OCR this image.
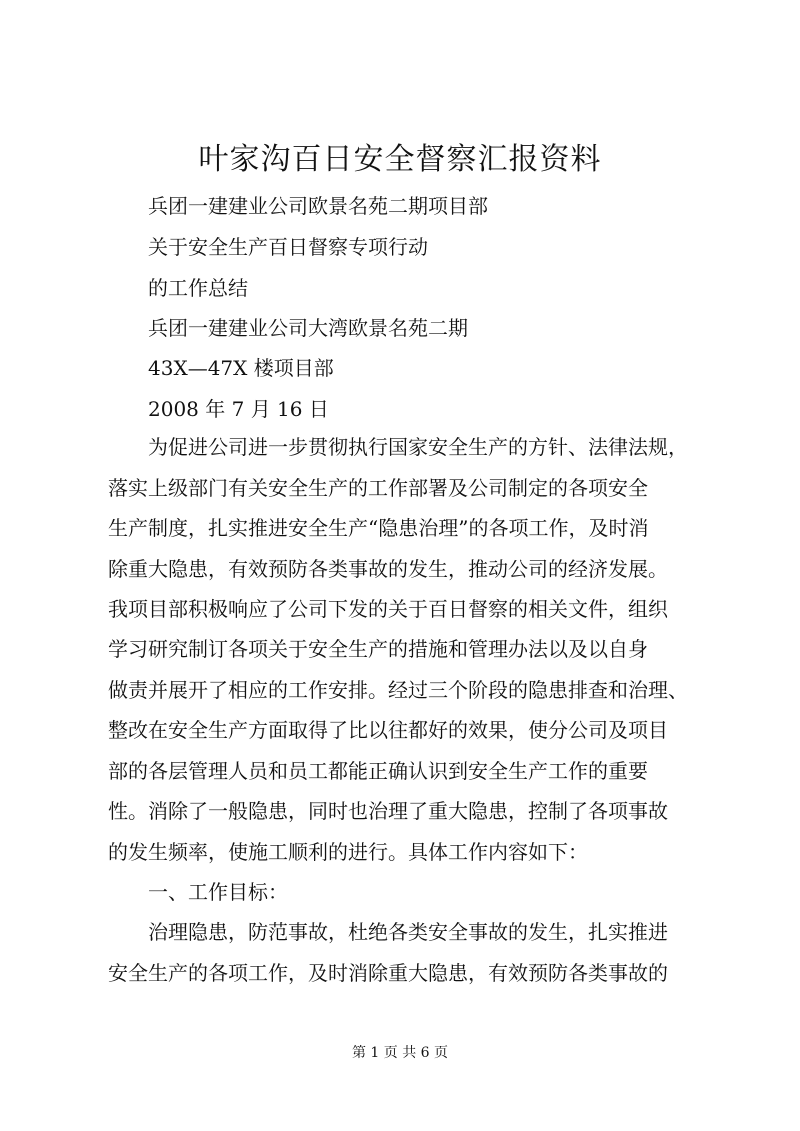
叶家沟百日安全督察汇报资料

兵团一建建业公司欧景名苑二期项目部

关于安全生产百日督察专项行动

的工作总结

兵团一建建业公司大湾欧景名苑二期

43X—47X 楼项目部

2008 年 7 月 16 日

为促进公司进一步贯彻执行国家安全生产的方针、法律法规，

落实上级部门有关安全生产的工作部署及公司制定的各项安全

生产制度，扎实推进安全生产“隐患治理”的各项工作，及时消

除重大隐患，有效预防各类事故的发生，推动公司的经济发展。

我项目部积极响应了公司下发的关于百日督察的相关文件，组织

学习研究制订各项关于安全生产的措施和管理办法以及以自身

做责并展开了相应的工作安排。经过三个阶段的隐患排查和治理、

整改在安全生产方面取得了比以往都好的效果，使分公司及项目

部的各层管理人员和员工都能正确认识到安全生产工作的重要

性。消除了一般隐患，同时也治理了重大隐患，控制了各项事故

的发生频率，使施工顺利的进行。具体工作内容如下：

一、工作目标：

治理隐患，防范事故，杜绝各类安全事故的发生，扎实推进

安全生产的各项工作，及时消除重大隐患，有效预防各类事故的

第 1 页 共 6 页
